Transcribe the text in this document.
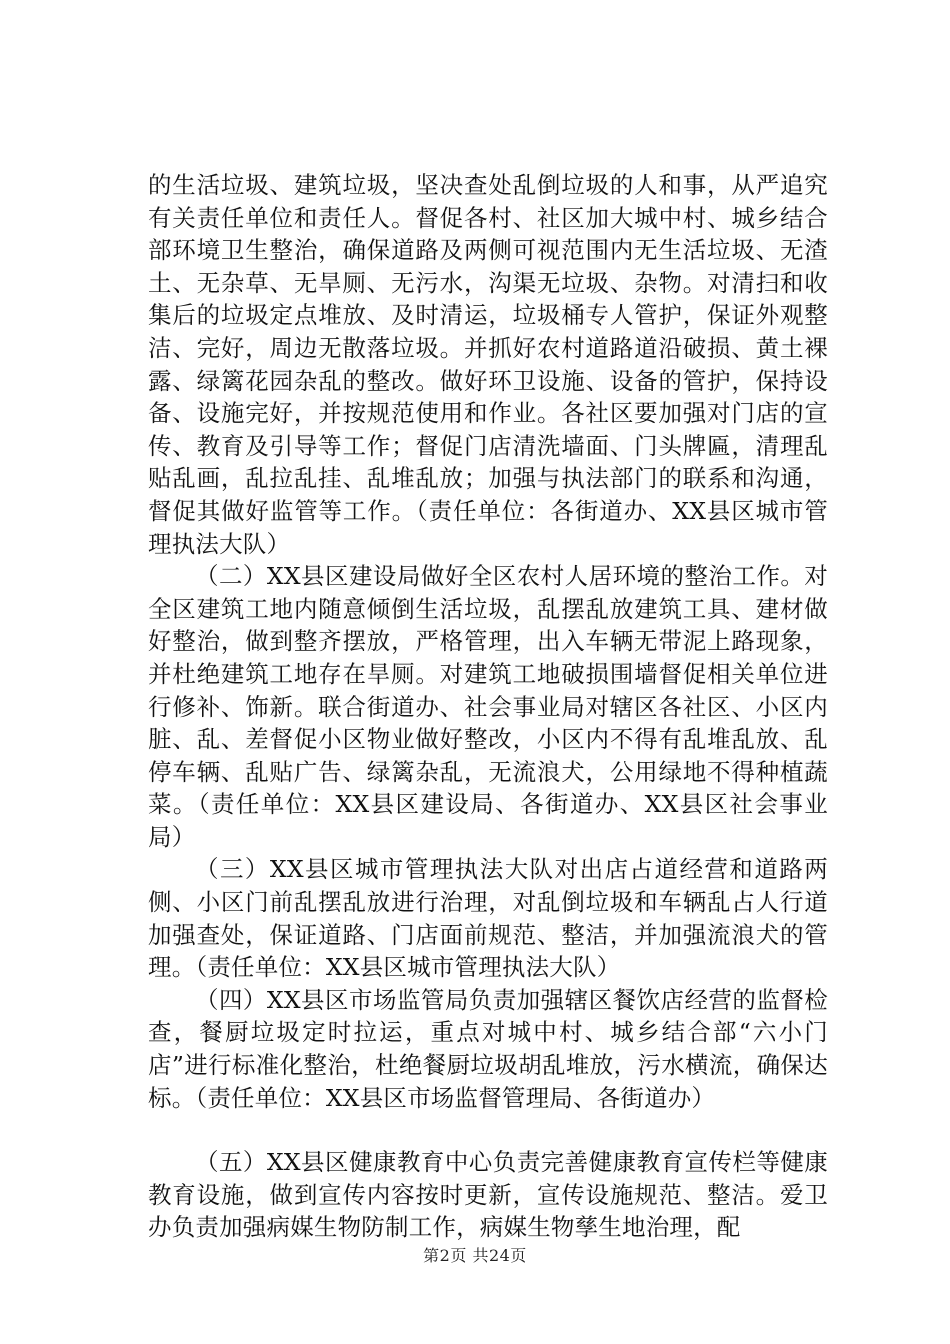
的生活垃圾、建筑垃圾，坚决查处乱倒垃圾的人和事，从严追究有关责任单位和责任人。督促各村、社区加大城中村、城乡结合部环境卫生整治，确保道路及两侧可视范围内无生活垃圾、无渣土、无杂草、无旱厕、无污水，沟渠无垃圾、杂物。对清扫和收集后的垃圾定点堆放、及时清运，垃圾桶专人管护，保证外观整洁、完好，周边无散落垃圾。并抓好农村道路道沿破损、黄土裸露、绿篱花园杂乱的整改。做好环卫设施、设备的管护，保持设备、设施完好，并按规范使用和作业。各社区要加强对门店的宣传、教育及引导等工作；督促门店清洗墙面、门头牌匾，清理乱贴乱画，乱拉乱挂、乱堆乱放；加强与执法部门的联系和沟通，督促其做好监管等工作。（责任单位：各街道办、XX县区城市管理执法大队）

（二）XX县区建设局做好全区农村人居环境的整治工作。对全区建筑工地内随意倾倒生活垃圾，乱摆乱放建筑工具、建材做好整治，做到整齐摆放，严格管理，出入车辆无带泥上路现象，并杜绝建筑工地存在旱厕。对建筑工地破损围墙督促相关单位进行修补、饰新。联合街道办、社会事业局对辖区各社区、小区内脏、乱、差督促小区物业做好整改，小区内不得有乱堆乱放、乱停车辆、乱贴广告、绿篱杂乱，无流浪犬，公用绿地不得种植蔬菜。（责任单位：XX县区建设局、各街道办、XX县区社会事业局）

（三）XX县区城市管理执法大队对出店占道经营和道路两侧、小区门前乱摆乱放进行治理，对乱倒垃圾和车辆乱占人行道加强查处，保证道路、门店面前规范、整洁，并加强流浪犬的管理。（责任单位：XX县区城市管理执法大队）

（四）XX县区市场监管局负责加强辖区餐饮店经营的监督检查，餐厨垃圾定时拉运，重点对城中村、城乡结合部“六小门店”进行标准化整治，杜绝餐厨垃圾胡乱堆放，污水横流，确保达标。（责任单位：XX县区市场监督管理局、各街道办）

（五）XX县区健康教育中心负责完善健康教育宣传栏等健康教育设施，做到宣传内容按时更新，宣传设施规范、整洁。爱卫办负责加强病媒生物防制工作，病媒生物孳生地治理，配

第2页 共24页
